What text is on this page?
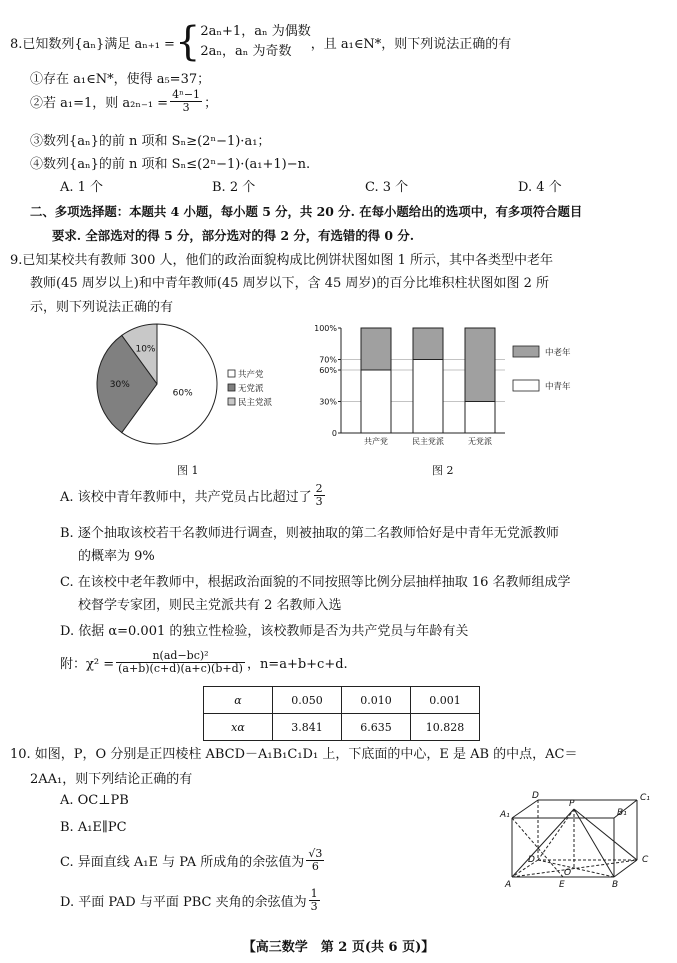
8.已知数列{aₙ}满足 aₙ₊₁ = { 2aₙ+1，aₙ 为偶数
2aₙ，aₙ 为奇数	，且 a₁∈N*，则下列说法正确的有
①存在 a₁∈N*，使得 a₅=37；
②若 a₁=1，则 $a_{2n-1} = \frac{\text{4ⁿ−1}}{3}$ ；
③数列{aₙ}的前 n 项和 Sₙ≥(2ⁿ−1)·a₁；
④数列{aₙ}的前 n 项和 Sₙ≤(2ⁿ−1)·(a₁+1)−n.
A. 1 个	B. 2 个	C. 3 个	D. 4 个
二、多项选择题：本题共 4 小题，每小题 5 分，共 20 分. 在每小题给出的选项中，有多项符合题目
要求. 全部选对的得 5 分，部分选对的得 2 分，有选错的得 0 分.
9.已知某校共有教师 300 人，他们的政治面貌构成比例饼状图如图 1 所示，其中各类型中老年
教师(45 周岁以上)和中青年教师(45 周岁以下，含 45 周岁)的百分比堆积柱状图如图 2 所
示，则下列说法正确的有
10%
60%
30%
共产党
无党派
民主党派
图 1
0
30%
60%
70%
100%
共产党	民主党派	无党派
中老年
中青年
图 2
A. 该校中青年教师中，共产党员占比超过了 $\frac{2}{3}$
B. 逐个抽取该校若干名教师进行调查，则被抽取的第二名教师恰好是中青年无党派教师
的概率为 9%
C. 在该校中老年教师中，根据政治面貌的不同按照等比例分层抽样抽取 16 名教师组成学
校督学专家团，则民主党派共有 2 名教师入选
D. 依据 α=0.001 的独立性检验，该校教师是否为共产党员与年龄有关
附：$\chi^2 = \frac{\text{n(ad−bc)²}}{(a+b)(c+d)(a+c)(b+d)}$ ，n=a+b+c+d.
α	0.050	0.010	0.001
xα	3.841	6.635	10.828
10. 如图，P，O 分别是正四棱柱 ABCD－A₁B₁C₁D₁ 上，下底面的中心，E 是 AB 的中点，AC＝
2AA₁，则下列结论正确的有
A. OC⊥PB
B. A₁E∥PC
C. 异面直线 A₁E 与 PA 所成角的余弦值为 $\frac{√3}{6}$
D. 平面 PAD 与平面 PBC 夹角的余弦值为 $\frac{1}{3}$
D	C₁
A₁
P
B₁
C
D
O
A	E	B
【高三数学　第 2 页(共 6 页)】
